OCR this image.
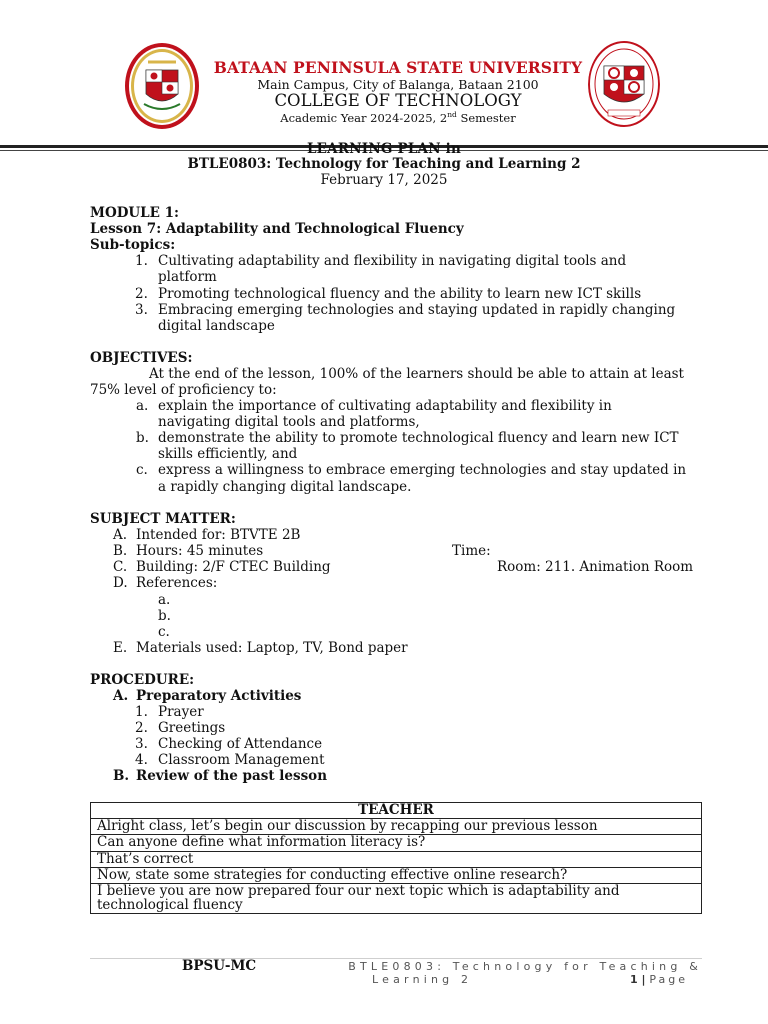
BATAAN PENINSULA STATE UNIVERSITY
Main Campus, City of Balanga, Bataan 2100
COLLEGE OF TECHNOLOGY
Academic Year 2024-2025, 2nd Semester
LEARNING PLAN in
BTLE0803: Technology for Teaching and Learning 2
February 17, 2025
MODULE 1:
Lesson 7: Adaptability and Technological Fluency
Sub-topics:
1. Cultivating adaptability and flexibility in navigating digital tools and
platform
2. Promoting technological fluency and the ability to learn new ICT skills
3. Embracing emerging technologies and staying updated in rapidly changing
digital landscape
OBJECTIVES:
At the end of the lesson, 100% of the learners should be able to attain at least
75% level of proficiency to:
a. explain the importance of cultivating adaptability and flexibility in
navigating digital tools and platforms,
b. demonstrate the ability to promote technological fluency and learn new ICT
skills efficiently, and
c. express a willingness to embrace emerging technologies and stay updated in
a rapidly changing digital landscape.
SUBJECT MATTER:
A. Intended for: BTVTE 2B
B. Hours: 45 minutes	Time:
C. Building: 2/F CTEC Building	Room: 211. Animation Room
D. References:
a.
b.
c.
E. Materials used: Laptop, TV, Bond paper
PROCEDURE:
A. Preparatory Activities
1. Prayer
2. Greetings
3. Checking of Attendance
4. Classroom Management
B. Review of the past lesson
TEACHER
Alright class, let’s begin our discussion by recapping our previous lesson
Can anyone define what information literacy is?
That’s correct
Now, state some strategies for conducting effective online research?
I believe you are now prepared four our next topic which is adaptability and
technological fluency
BPSU-MC	BTLE0803: Technology for Teaching &
Learning 2	1 | Page
